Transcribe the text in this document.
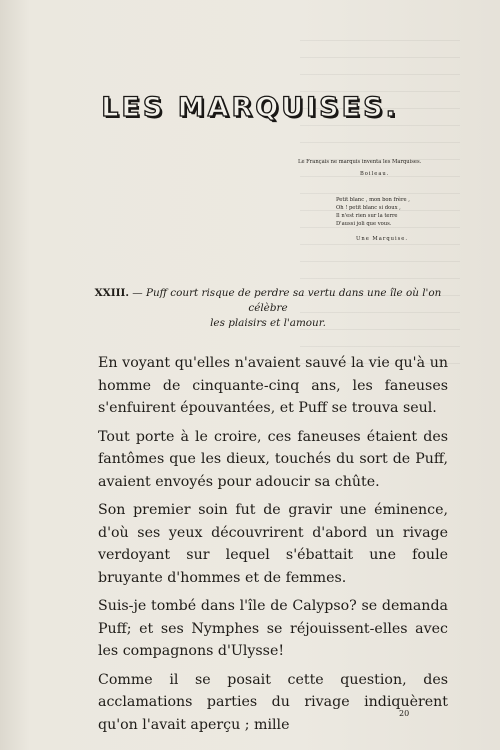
LES MARQUISES.
Le Français ne marquis inventa les Marquises.
Boileau.
Petit blanc , mon bon frère ,
Oh ! petit blanc si doux ,
Il n'est rien sur la terre
D'aussi joli que vous.
Une Marquise.
XXIII. — Puff court risque de perdre sa vertu dans une île où l'on célèbre
les plaisirs et l'amour.

En voyant qu'elles n'avaient sauvé la vie qu'à un homme de cinquante-cinq ans, les faneuses s'enfuirent épouvantées, et Puff se trouva seul.

Tout porte à le croire, ces faneuses étaient des fantômes que les dieux, touchés du sort de Puff, avaient envoyés pour adoucir sa chûte.

Son premier soin fut de gravir une éminence, d'où ses yeux découvrirent d'abord un rivage verdoyant sur lequel s'ébattait une foule bruyante d'hommes et de femmes.

Suis-je tombé dans l'île de Calypso? se demanda Puff; et ses Nymphes se réjouissent-elles avec les compagnons d'Ulysse!

Comme il se posait cette question, des acclamations parties du rivage indiquèrent qu'on l'avait aperçu ; mille

20
